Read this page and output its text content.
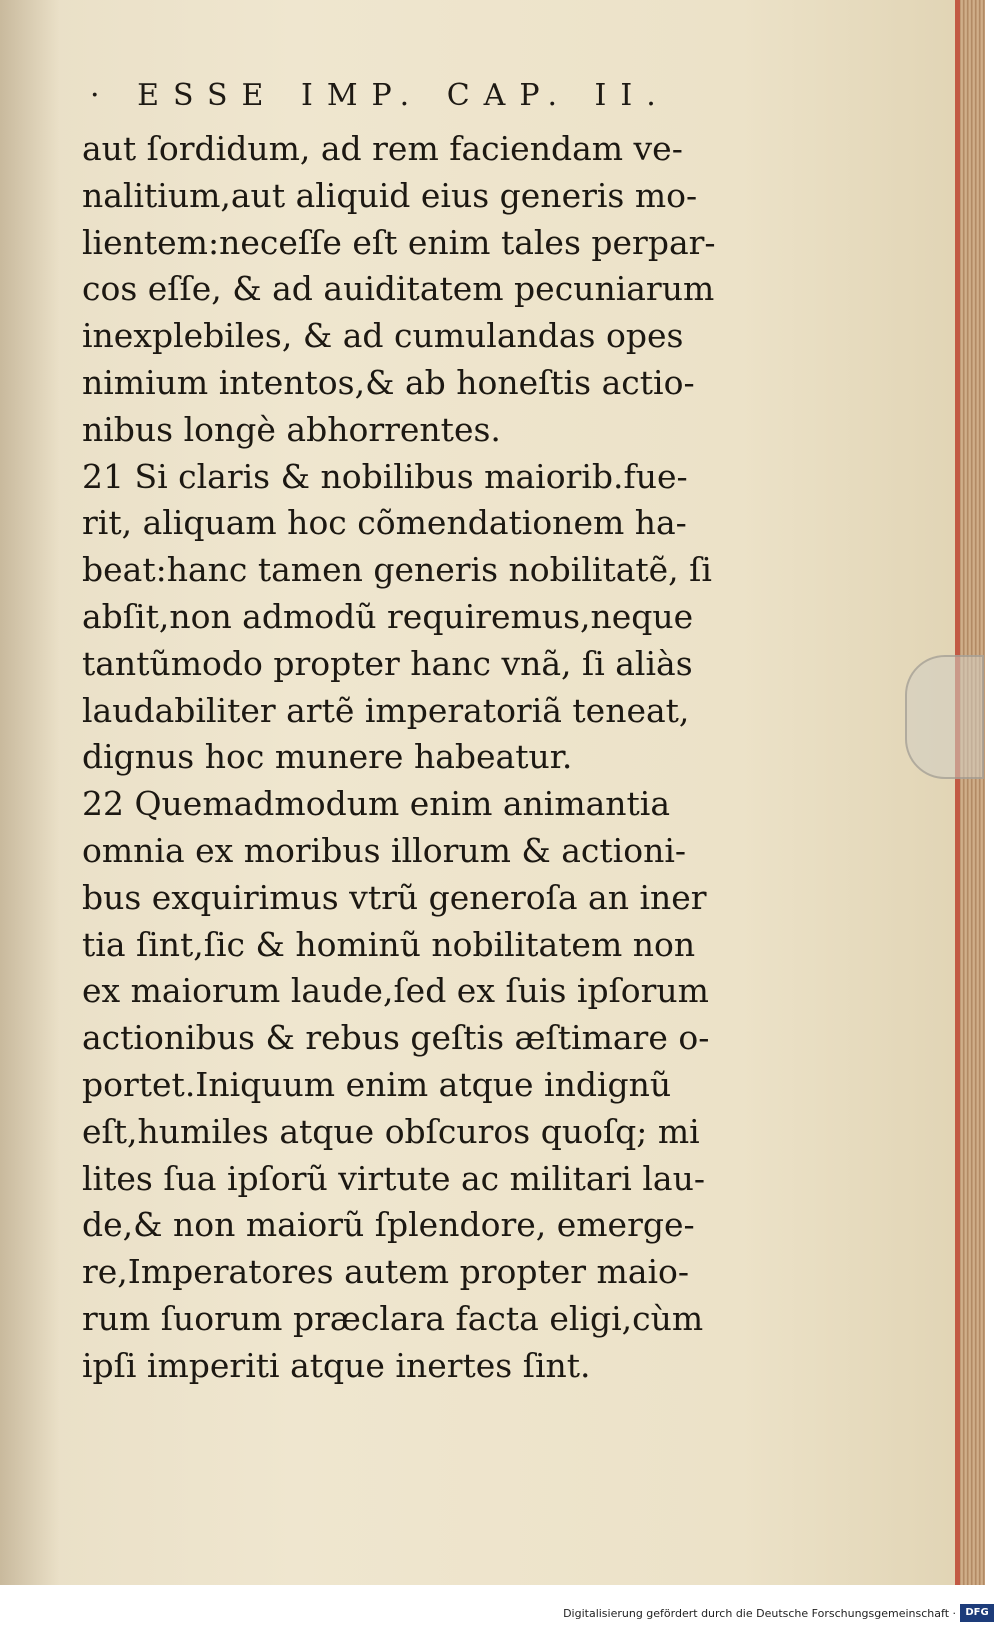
· ESSE IMP. CAP. II.
aut ſordidum, ad rem faciendam ve-
nalitium,aut aliquid eius generis mo-
lientem:neceſſe eſt enim tales perpar-
cos eſſe, & ad auiditatem pecuniarum
inexplebiles, & ad cumulandas opes
nimium intentos,& ab honeſtis actio-
nibus longè abhorrentes.
21 Si claris & nobilibus maiorib.fue-
rit, aliquam hoc cõmendationem ha-
beat:hanc tamen generis nobilitatẽ, ſi
abſit,non admodũ requiremus,neque
tantũmodo propter hanc vnã, ſi aliàs
laudabiliter artẽ imperatoriã teneat,
dignus hoc munere habeatur.
22 Quemadmodum enim animantia
omnia ex moribus illorum & actioni-
bus exquirimus vtrũ generoſa an iner
tia ſint,ſic & hominũ nobilitatem non
ex maiorum laude,ſed ex ſuis ipſorum
actionibus & rebus geſtis æſtimare o-
portet.Iniquum enim atque indignũ
eſt,humiles atque obſcuros quoſq; mi
lites ſua ipſorũ virtute ac militari lau-
de,& non maiorũ ſplendore, emerge-
re,Imperatores autem propter maio-
rum ſuorum præclara facta eligi,cùm
ipſi imperiti atque inertes ſint.
Digitalisierung gefördert durch die Deutsche Forschungsgemeinschaft · DFG
